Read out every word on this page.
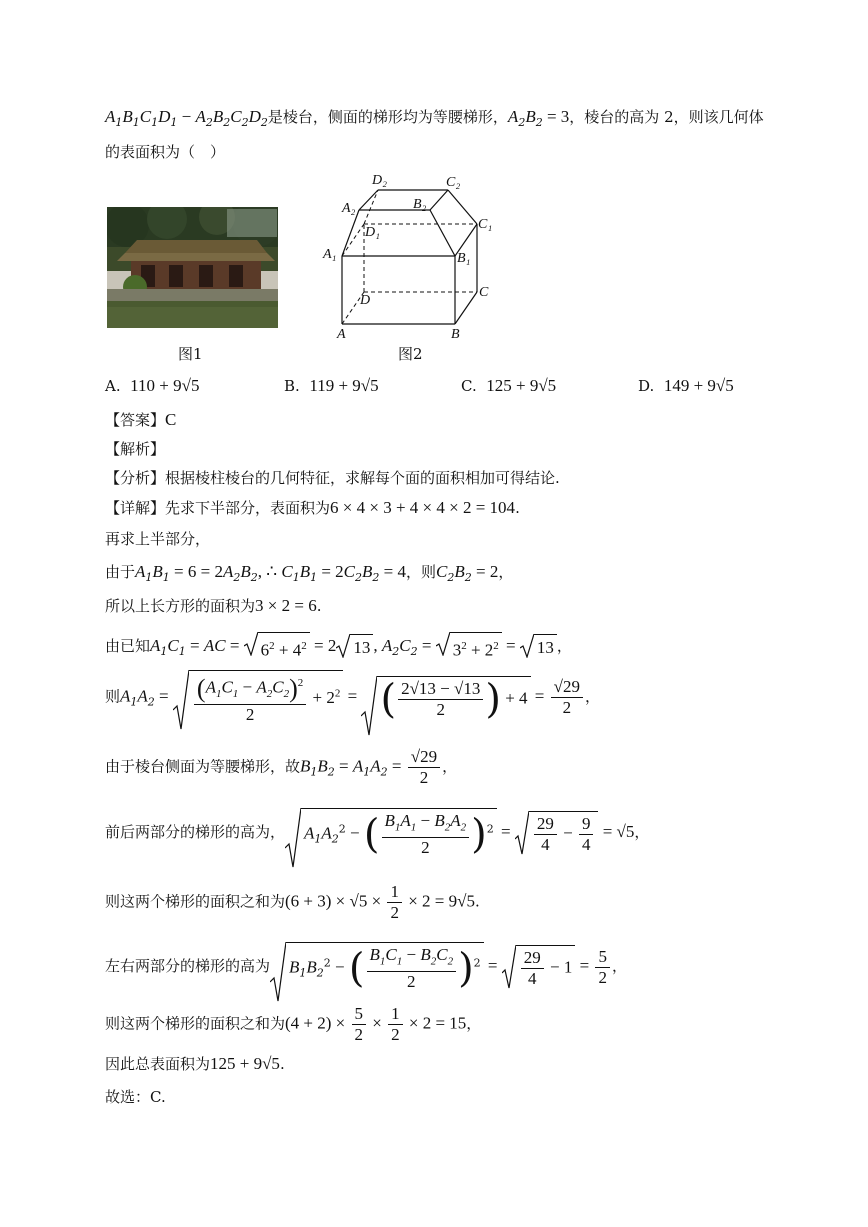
$A_1B_1C_1D_1 - A_2B_2C_2D_2$是棱台，侧面的梯形均为等腰梯形，$A_2B_2 = 3$，棱台的高为 2，则该几何体
的表面积为（　）
图1
D₂	C₂
A₂	B₂
C₁
D₁
A₁	B₁
D
C
A	B
图2
A. 110 + 9√5	B. 119 + 9√5	C. 125 + 9√5	D. 149 + 9√5
【答案】C
【解析】
【分析】根据棱柱棱台的几何特征，求解每个面的面积相加可得结论.
【详解】先求下半部分，表面积为6 × 4 × 3 + 4 × 4 × 2 = 104.
再求上半部分，
由于$A_1B_1 = 6 = 2A_2B_2$, ∴ $C_1B_1 = 2C_2B_2 = 4$，则$C_2B_2 = 2$，
所以上长方形的面积为3 × 2 = 6.
由已知$A_1C_1$ = AC =
$6^2 + 4^2 = 2$ 13 , $A_2C_2$ =
$3^2 + 2^2$ =
13 ，
则$A_1A_2 = \frac{(A_1C_1 - A_2C_2)^2}{2} + 2^2$ =
( $\frac{2√13 - √13}{2}$ ) + $4 = \frac{√29}{2}$ ，
由于棱台侧面为等腰梯形，故$B_1B_2 = A_1A_2 = \frac{√29}{2}$ ，
前后两部分的梯形的高为， $A_1A_2^2$ − ( $\frac{B_1A_1 - B_2A_2}{2} )^2 = \frac{29}{4} - \frac{9}{4} = √5$，
则这两个梯形的面积之和为$(6 + 3) \times √5 \times \frac{1}{2} \times 2 = 9√5$.
左右两部分的梯形的高为 $B_1B_2^2$ − ( $\frac{B_1C_1 - B_2C_2}{2} )^2 = \frac{29}{4} - 1 = \frac{5}{2}$ ，
则这两个梯形的面积之和为$(4 + 2) \times \frac{5}{2} \times \frac{1}{2} \times 2 = 15$，
因此总表面积为125 + 9√5.
故选：C.
